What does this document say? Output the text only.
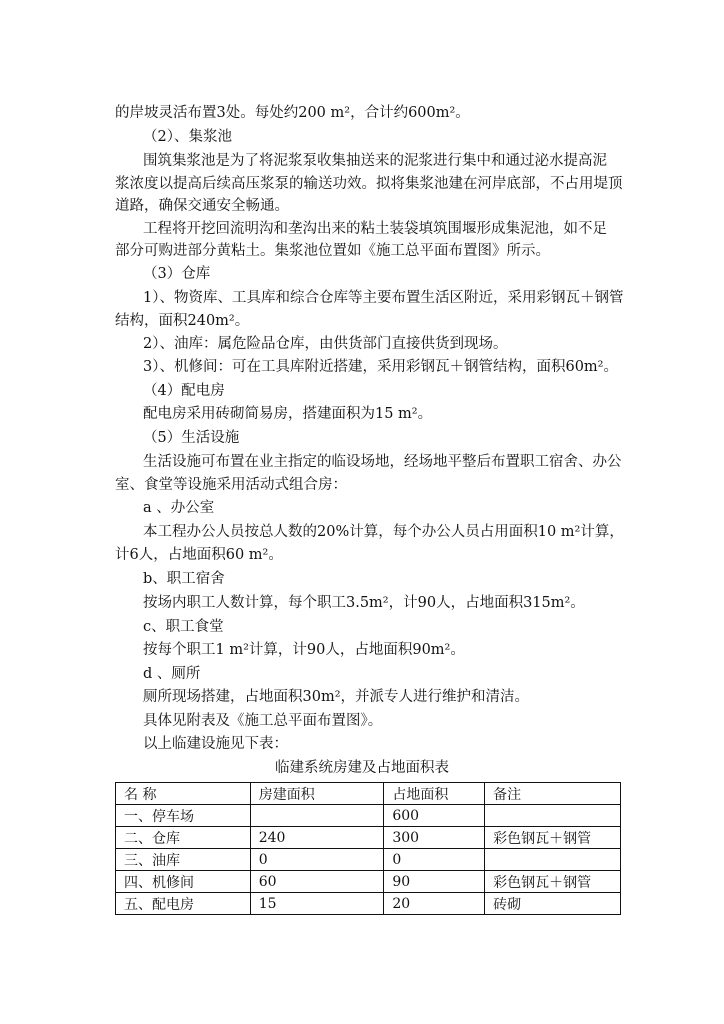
的岸坡灵活布置3处。每处约200 m²，合计约600m²。

（2）、集浆池

围筑集浆池是为了将泥浆泵收集抽送来的泥浆进行集中和通过泌水提高泥

浆浓度以提高后续高压浆泵的输送功效。拟将集浆池建在河岸底部，不占用堤顶

道路，确保交通安全畅通。

工程将开挖回流明沟和垄沟出来的粘土装袋填筑围堰形成集泥池，如不足

部分可购进部分黄粘土。集浆池位置如《施工总平面布置图》所示。

（3）仓库

1）、物资库、工具库和综合仓库等主要布置生活区附近，采用彩钢瓦＋钢管

结构，面积240m²。

2）、油库：属危险品仓库，由供货部门直接供货到现场。

3）、机修间：可在工具库附近搭建，采用彩钢瓦＋钢管结构，面积60m²。

（4）配电房

配电房采用砖砌简易房，搭建面积为15 m²。

（5）生活设施

生活设施可布置在业主指定的临设场地，经场地平整后布置职工宿舍、办公

室、食堂等设施采用活动式组合房：

a 、办公室

本工程办公人员按总人数的20%计算，每个办公人员占用面积10 m²计算，

计6人，占地面积60 m²。

b、职工宿舍

按场内职工人数计算，每个职工3.5m²，计90人，占地面积315m²。

c、职工食堂

按每个职工1 m²计算，计90人，占地面积90m²。

d 、厕所

厕所现场搭建，占地面积30m²，并派专人进行维护和清洁。

具体见附表及《施工总平面布置图》。

以上临建设施见下表：

临建系统房建及占地面积表

名 称	房建面积	占地面积	备注
一、停车场		600	
二、仓库	240	300	彩色钢瓦＋钢管
三、油库	0	0	
四、机修间	60	90	彩色钢瓦＋钢管
五、配电房	15	20	砖砌
